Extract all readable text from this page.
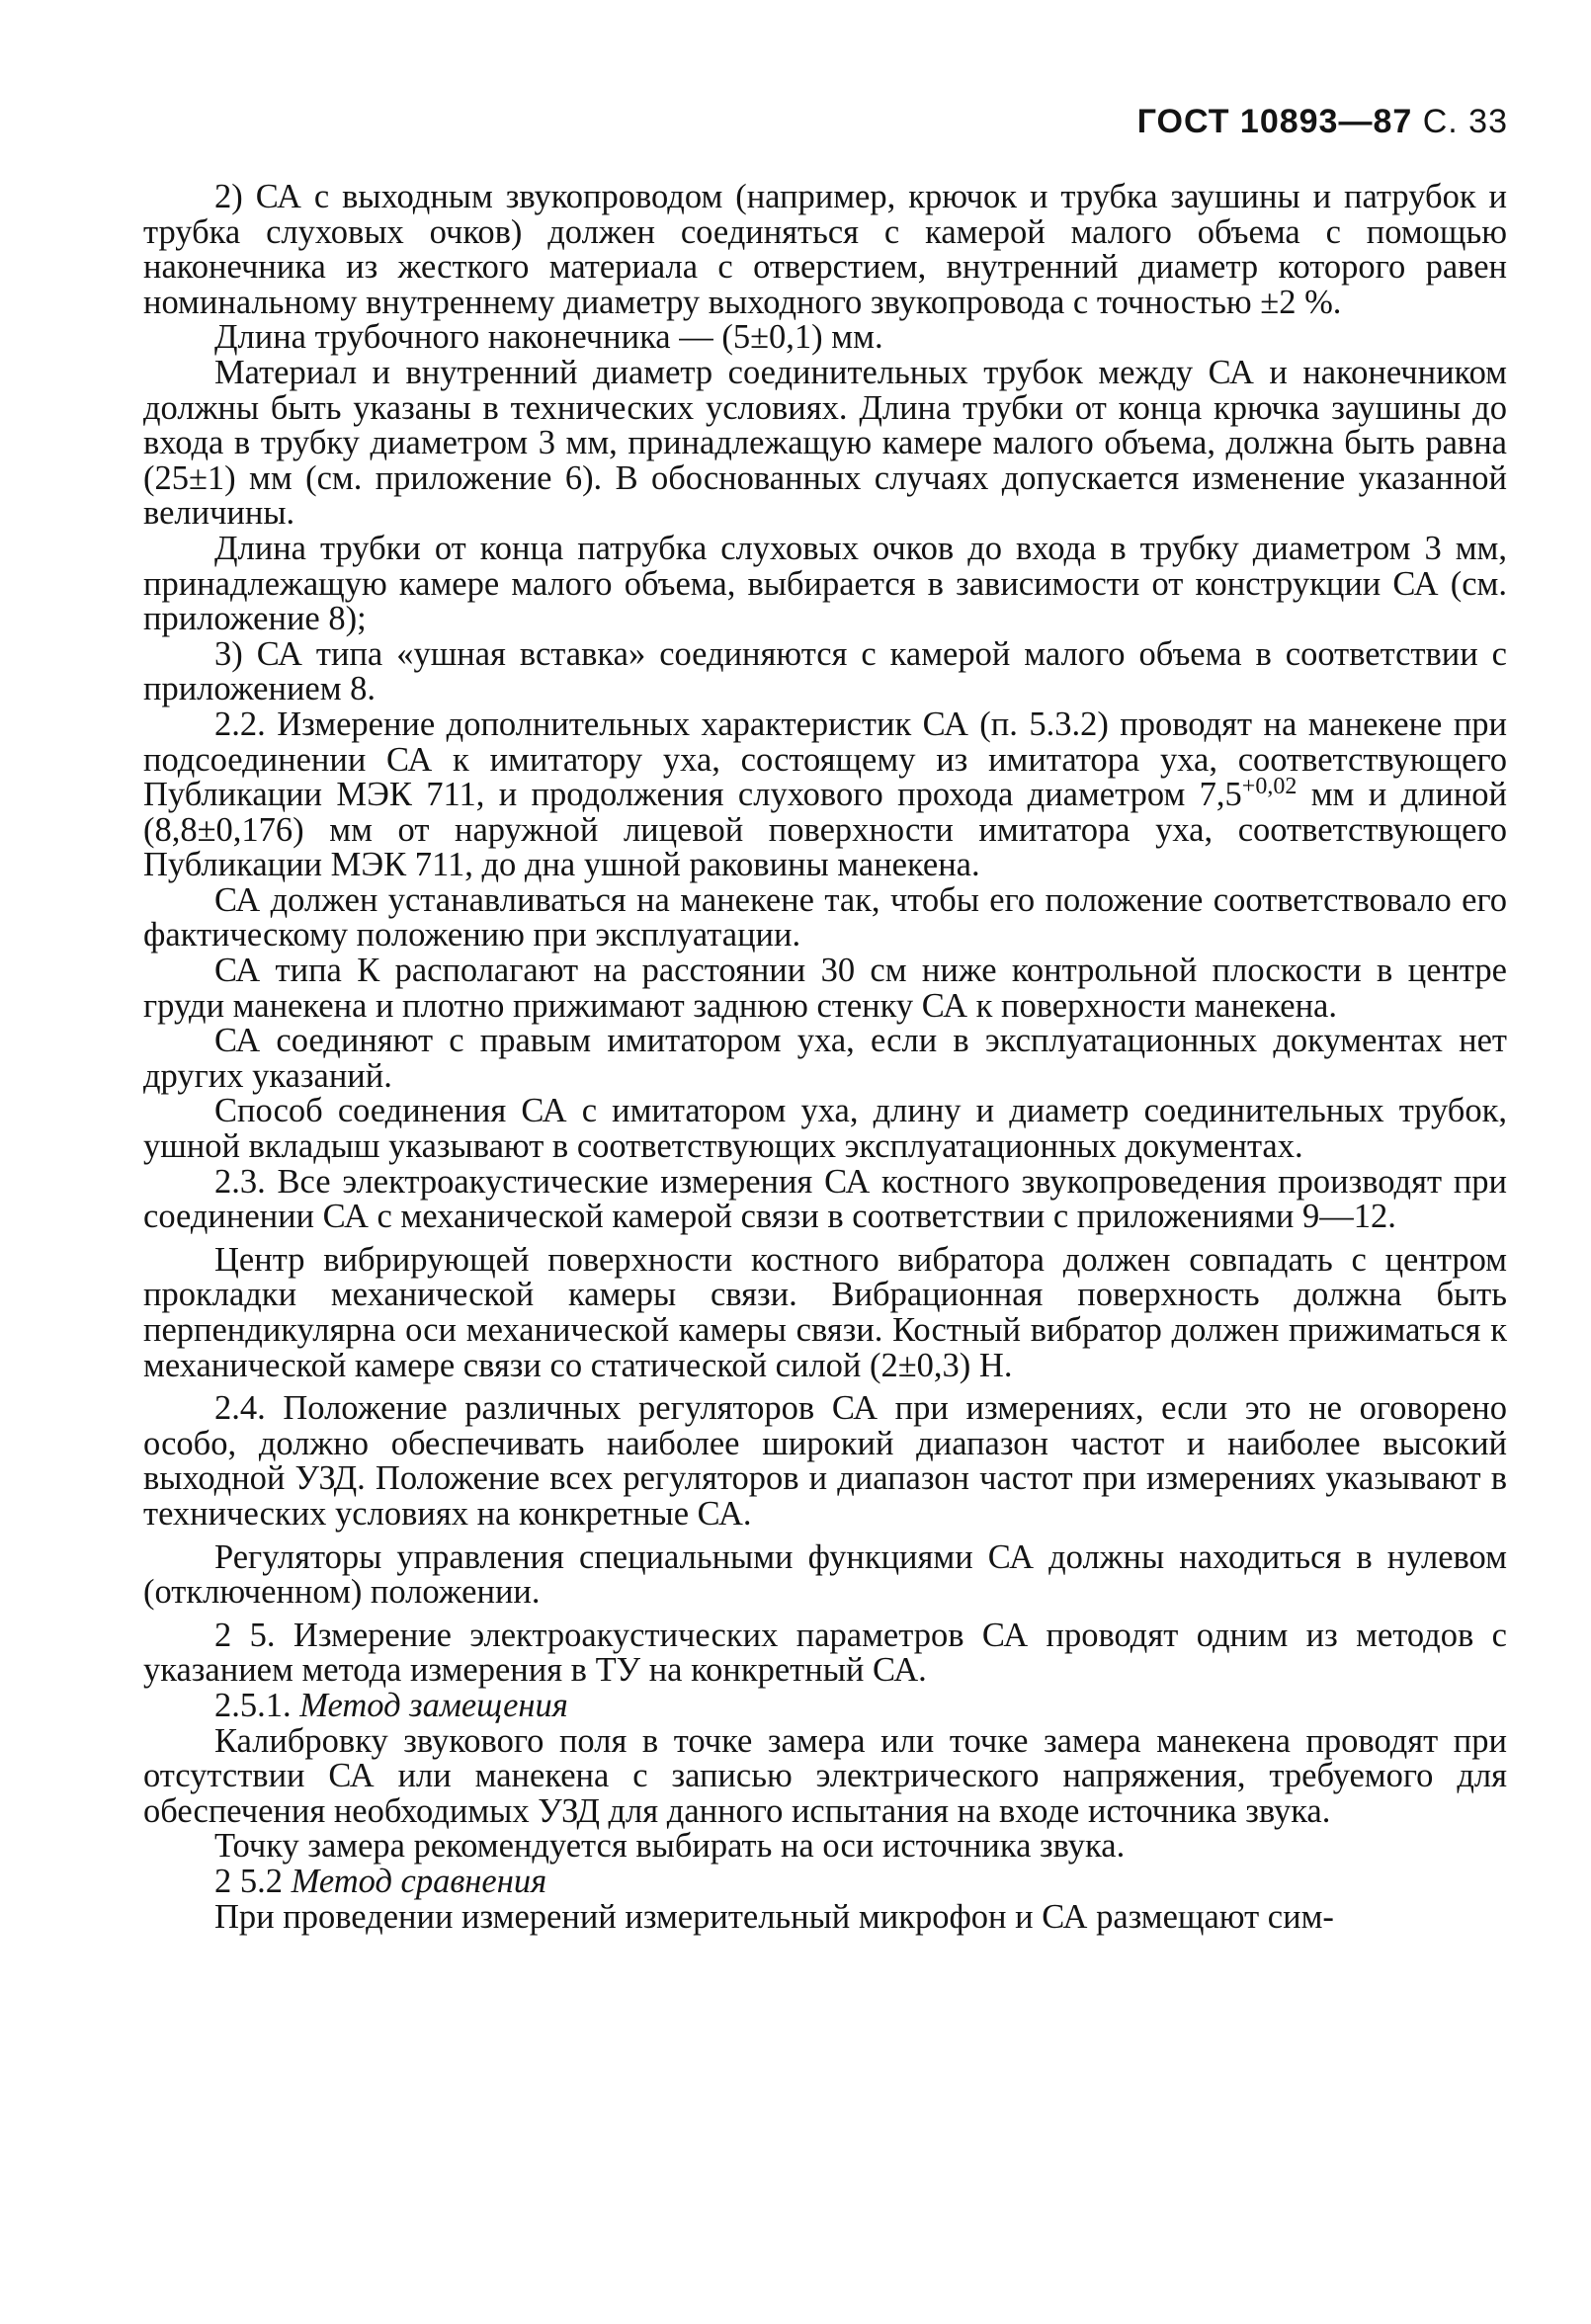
ГОСТ 10893—87 С. 33

2) СА с выходным звукопроводом (например, крючок и трубка заушины и патрубок и трубка слуховых очков) должен соединяться с камерой малого объема с помощью наконечника из жесткого материала с отверстием, внутренний диаметр которого равен номинальному внутреннему диаметру выходного звукопровода с точностью ±2 %.

Длина трубочного наконечника — (5±0,1) мм.

Материал и внутренний диаметр соединительных трубок между СА и наконечником должны быть указаны в технических условиях. Длина трубки от конца крючка заушины до входа в трубку диаметром 3 мм, принадлежащую камере малого объема, должна быть равна (25±1) мм (см. приложение 6). В обоснованных случаях допускается изменение указанной величины.

Длина трубки от конца патрубка слуховых очков до входа в трубку диаметром 3 мм, принадлежащую камере малого объема, выбирается в зависимости от конструкции СА (см. приложение 8);

3) СА типа «ушная вставка» соединяются с камерой малого объема в соответствии с приложением 8.

2.2. Измерение дополнительных характеристик СА (п. 5.3.2) проводят на манекене при подсоединении СА к имитатору уха, состоящему из имитатора уха, соответствующего Публикации МЭК 711, и продолжения слухового прохода диаметром $7,5^{+0,02}$ мм и длиной (8,8±0,176) мм от наружной лицевой поверхности имитатора уха, соответствующего Публикации МЭК 711, до дна ушной раковины манекена.

СА должен устанавливаться на манекене так, чтобы его положение соответствовало его фактическому положению при эксплуатации.

СА типа К располагают на расстоянии 30 см ниже контрольной плоскости в центре груди манекена и плотно прижимают заднюю стенку СА к поверхности манекена.

СА соединяют с правым имитатором уха, если в эксплуатационных документах нет других указаний.

Способ соединения СА с имитатором уха, длину и диаметр соединительных трубок, ушной вкладыш указывают в соответствующих эксплуатационных документах.

2.3. Все электроакустические измерения СА костного звукопроведения производят при соединении СА с механической камерой связи в соответствии с приложениями 9—12.

Центр вибрирующей поверхности костного вибратора должен совпадать с центром прокладки механической камеры связи. Вибрационная поверхность должна быть перпендикулярна оси механической камеры связи. Костный вибратор должен прижиматься к механической камере связи со статической силой (2±0,3) Н.

2.4. Положение различных регуляторов СА при измерениях, если это не оговорено особо, должно обеспечивать наиболее широкий диапазон частот и наиболее высокий выходной УЗД. Положение всех регуляторов и диапазон частот при измерениях указывают в технических условиях на конкретные СА.

Регуляторы управления специальными функциями СА должны находиться в нулевом (отключенном) положении.

2 5. Измерение электроакустических параметров СА проводят одним из методов с указанием метода измерения в ТУ на конкретный СА.

2.5.1. Метод замещения

Калибровку звукового поля в точке замера или точке замера манекена проводят при отсутствии СА или манекена с записью электрического напряжения, требуемого для обеспечения необходимых УЗД для данного испытания на входе источника звука.

Точку замера рекомендуется выбирать на оси источника звука.

2 5.2 Метод сравнения

При проведении измерений измерительный микрофон и СА размещают сим-
